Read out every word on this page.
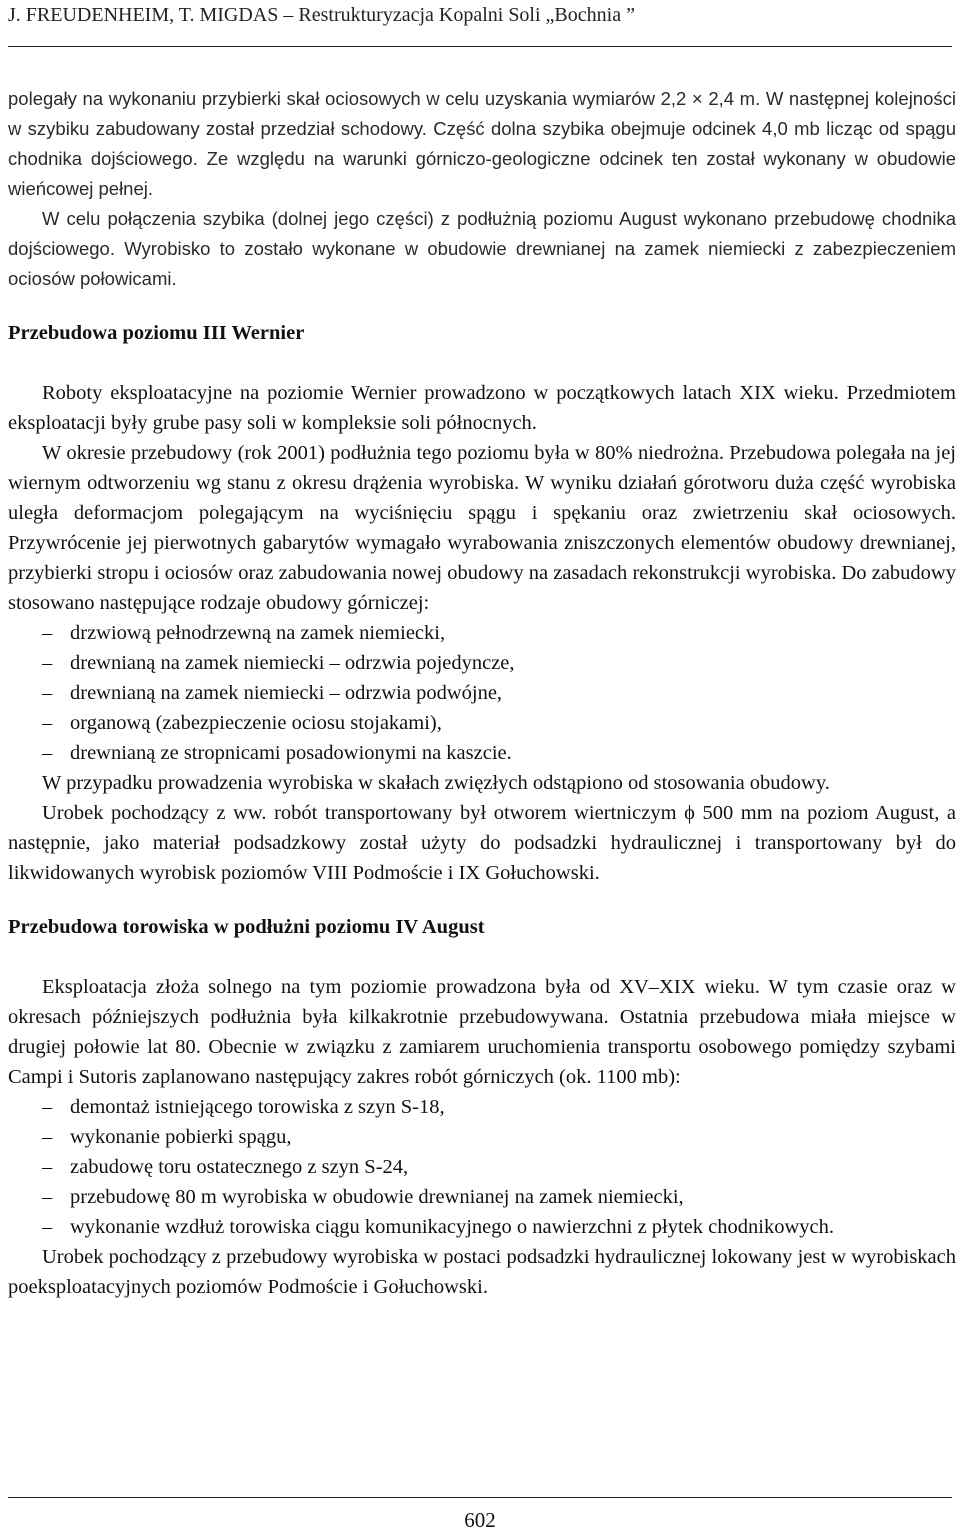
J. FREUDENHEIM, T. MIGDAS – Restrukturyzacja Kopalni Soli „Bochnia ”

polegały na wykonaniu przybierki skał ociosowych w celu uzyskania wymiarów 2,2 × 2,4 m. W następnej kolejności w szybiku zabudowany został przedział schodowy. Część dolna szybika obejmuje odcinek 4,0 mb licząc od spągu chodnika dojściowego. Ze względu na warunki górniczo-geologiczne odcinek ten został wykonany w obudowie wieńcowej pełnej.

W celu połączenia szybika (dolnej jego części) z podłużnią poziomu August wykonano przebudowę chodnika dojściowego. Wyrobisko to zostało wykonane w obudowie drewnianej na zamek niemiecki z zabezpieczeniem ociosów połowicami.

Przebudowa poziomu III Wernier

Roboty eksploatacyjne na poziomie Wernier prowadzono w początkowych latach XIX wieku. Przedmiotem eksploatacji były grube pasy soli w kompleksie soli północnych.

W okresie przebudowy (rok 2001) podłużnia tego poziomu była w 80% niedrożna. Przebudowa polegała na jej wiernym odtworzeniu wg stanu z okresu drążenia wyrobiska. W wyniku działań górotworu duża część wyrobiska uległa deformacjom polegającym na wyciśnięciu spągu i spękaniu oraz zwietrzeniu skał ociosowych. Przywrócenie jej pierwotnych gabarytów wymagało wyrabowania zniszczonych elementów obudowy drewnianej, przybierki stropu i ociosów oraz zabudowania nowej obudowy na zasadach rekonstrukcji wyrobiska. Do zabudowy stosowano następujące rodzaje obudowy górniczej:

– drzwiową pełnodrzewną na zamek niemiecki,
– drewnianą na zamek niemiecki – odrzwia pojedyncze,
– drewnianą na zamek niemiecki – odrzwia podwójne,
– organową (zabezpieczenie ociosu stojakami),
– drewnianą ze stropnicami posadowionymi na kaszcie.

W przypadku prowadzenia wyrobiska w skałach zwięzłych odstąpiono od stosowania obudowy.

Urobek pochodzący z ww. robót transportowany był otworem wiertniczym ϕ 500 mm na poziom August, a następnie, jako materiał podsadzkowy został użyty do podsadzki hydraulicznej i transportowany był do likwidowanych wyrobisk poziomów VIII Podmoście i IX Gołuchowski.

Przebudowa torowiska w podłużni poziomu IV August

Eksploatacja złoża solnego na tym poziomie prowadzona była od XV–XIX wieku. W tym czasie oraz w okresach późniejszych podłużnia była kilkakrotnie przebudowywana. Ostatnia przebudowa miała miejsce w drugiej połowie lat 80. Obecnie w związku z zamiarem uruchomienia transportu osobowego pomiędzy szybami Campi i Sutoris zaplanowano następujący zakres robót górniczych (ok. 1100 mb):

– demontaż istniejącego torowiska z szyn S-18,
– wykonanie pobierki spągu,
– zabudowę toru ostatecznego z szyn S-24,
– przebudowę 80 m wyrobiska w obudowie drewnianej na zamek niemiecki,
– wykonanie wzdłuż torowiska ciągu komunikacyjnego o nawierzchni z płytek chodnikowych.

Urobek pochodzący z przebudowy wyrobiska w postaci podsadzki hydraulicznej lokowany jest w wyrobiskach poeksploatacyjnych poziomów Podmoście i Gołuchowski.

602
